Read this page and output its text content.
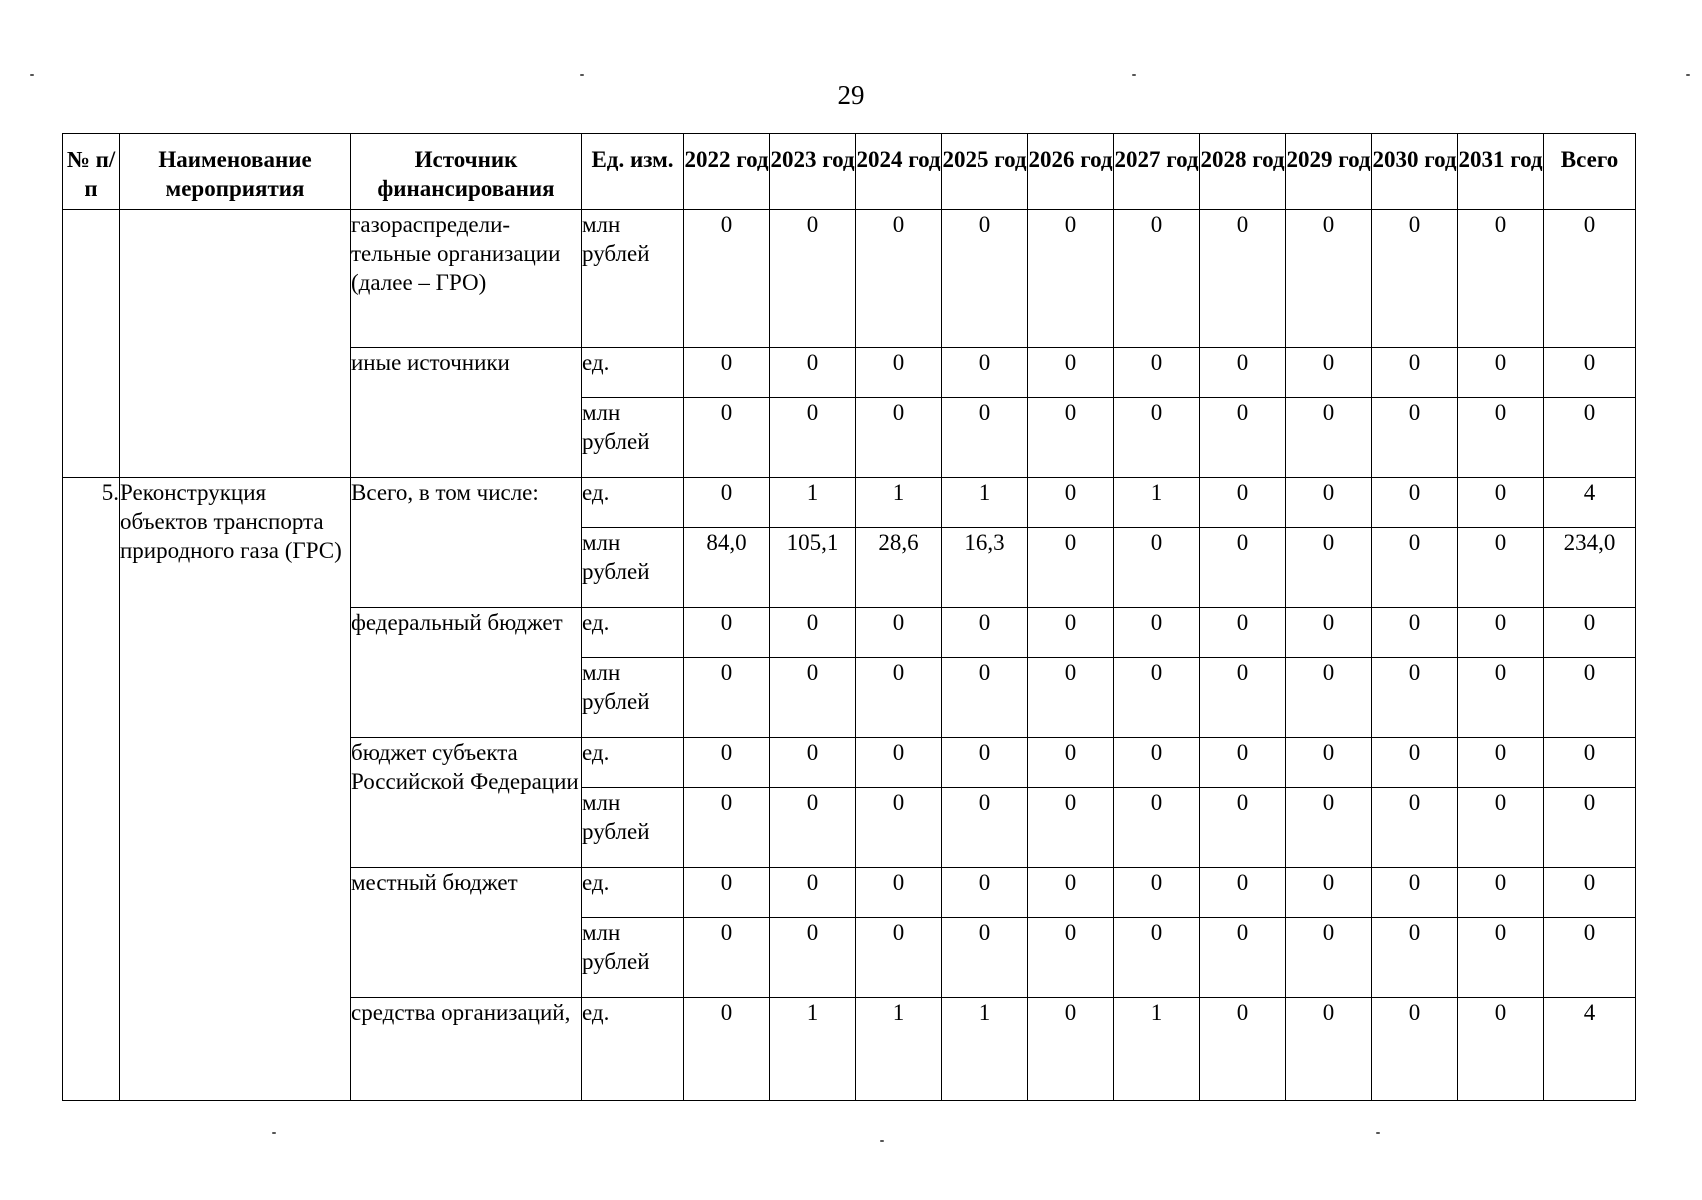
29
№ п/п	Наименование мероприятия	Источник финансирования	Ед. изм.	2022 год	2023 год	2024 год	2025 год	2026 год	2027 год	2028 год	2029 год	2030 год	2031 год	Всего
		газораспредели-тельные организации (далее – ГРО)	млн рублей	0	0	0	0	0	0	0	0	0	0	0
		иные источники	ед.	0	0	0	0	0	0	0	0	0	0	0
			млн рублей	0	0	0	0	0	0	0	0	0	0	0
5.	Реконструкция объектов транспорта природного газа (ГРС)	Всего, в том числе:	ед.	0	1	1	1	0	1	0	0	0	0	4
			млн рублей	84,0	105,1	28,6	16,3	0	0	0	0	0	0	234,0
		федеральный бюджет	ед.	0	0	0	0	0	0	0	0	0	0	0
			млн рублей	0	0	0	0	0	0	0	0	0	0	0
		бюджет субъекта Российской Федерации	ед.	0	0	0	0	0	0	0	0	0	0	0
			млн рублей	0	0	0	0	0	0	0	0	0	0	0
		местный бюджет	ед.	0	0	0	0	0	0	0	0	0	0	0
			млн рублей	0	0	0	0	0	0	0	0	0	0	0
		средства организаций,	ед.	0	1	1	1	0	1	0	0	0	0	4
